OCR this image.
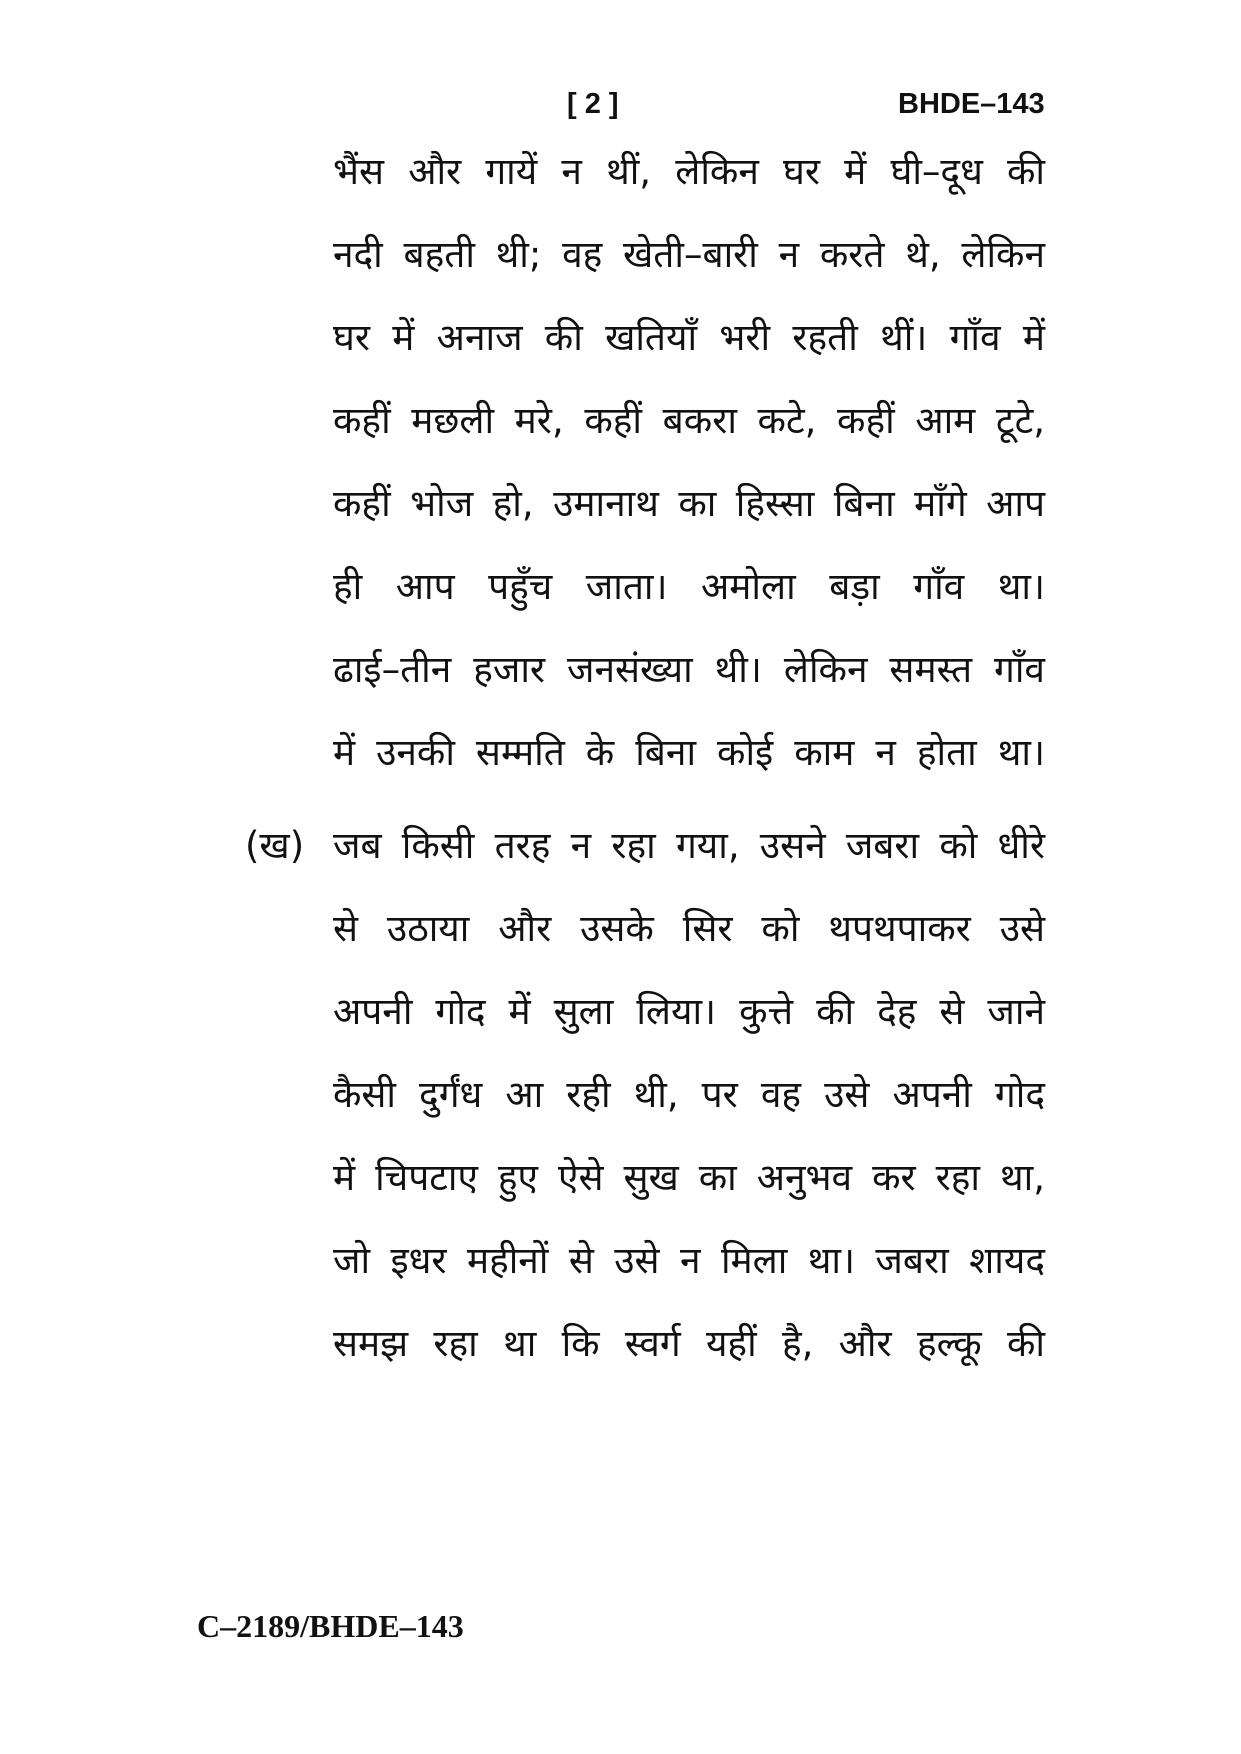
[ 2 ]	BHDE–143
भैंस और गायें न थीं, लेकिन घर में घी–दूध की
नदी बहती थी; वह खेती–बारी न करते थे, लेकिन
घर में अनाज की खतियाँ भरी रहती थीं। गाँव में
कहीं मछली मरे, कहीं बकरा कटे, कहीं आम टूटे,
कहीं भोज हो, उमानाथ का हिस्सा बिना माँगे आप
ही आप पहुँच जाता। अमोला बड़ा गाँव था।
ढाई–तीन हजार जनसंख्या थी। लेकिन समस्त गाँव
में उनकी सम्मति के बिना कोई काम न होता था।
(ख) जब किसी तरह न रहा गया, उसने जबरा को धीरे
से उठाया और उसके सिर को थपथपाकर उसे
अपनी गोद में सुला लिया। कुत्ते की देह से जाने
कैसी दुर्गंध आ रही थी, पर वह उसे अपनी गोद
में चिपटाए हुए ऐसे सुख का अनुभव कर रहा था,
जो इधर महीनों से उसे न मिला था। जबरा शायद
समझ रहा था कि स्वर्ग यहीं है, और हल्कू की
C–2189/BHDE–143
